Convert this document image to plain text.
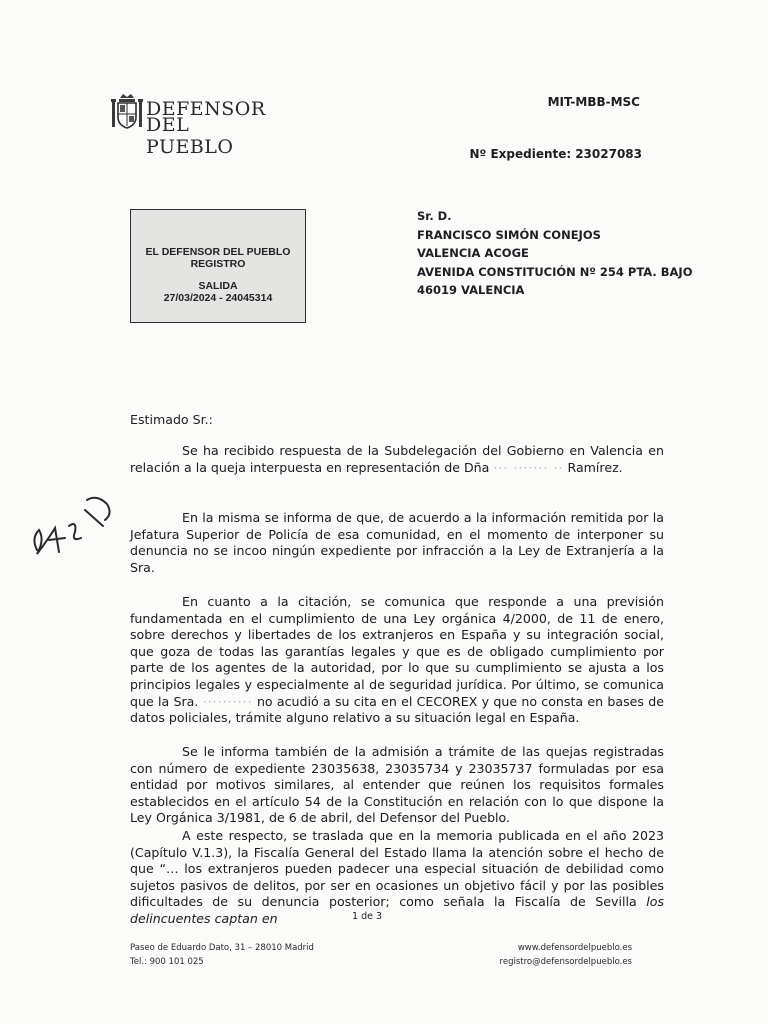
DEFENSOR
DEL PUEBLO
MIT-MBB-MSC
Nº Expediente: 23027083
EL DEFENSOR DEL PUEBLO
REGISTRO
SALIDA
27/03/2024 - 24045314
Sr. D.
FRANCISCO SIMÓN CONEJOS
VALENCIA ACOGE
AVENIDA CONSTITUCIÓN Nº 254 PTA. BAJO
46019 VALENCIA
Estimado Sr.:
Se ha recibido respuesta de la Subdelegación del Gobierno en Valencia en relación a la queja interpuesta en representación de Dña ·︎·︎· ·︎·︎·︎·︎·︎·︎· ·︎· Ramírez.
En la misma se informa de que, de acuerdo a la información remitida por la Jefatura Superior de Policía de esa comunidad, en el momento de interponer su denuncia no se incoo ningún expediente por infracción a la Ley de Extranjería a la Sra.
En cuanto a la citación, se comunica que responde a una previsión fundamentada en el cumplimiento de una Ley orgánica 4/2000, de 11 de enero, sobre derechos y libertades de los extranjeros en España y su integración social, que goza de todas las garantías legales y que es de obligado cumplimiento por parte de los agentes de la autoridad, por lo que su cumplimiento se ajusta a los principios legales y especialmente al de seguridad jurídica. Por último, se comunica que la Sra. ·︎·︎·︎·︎·︎·︎·︎·︎·︎· no acudió a su cita en el CECOREX y que no consta en bases de datos policiales, trámite alguno relativo a su situación legal en España.
Se le informa también de la admisión a trámite de las quejas registradas con número de expediente 23035638, 23035734 y 23035737 formuladas por esa entidad por motivos similares, al entender que reúnen los requisitos formales establecidos en el artículo 54 de la Constitución en relación con lo que dispone la Ley Orgánica 3/1981, de 6 de abril, del Defensor del Pueblo.
A este respecto, se traslada que en la memoria publicada en el año 2023 (Capítulo V.1.3), la Fiscalía General del Estado llama la atención sobre el hecho de que “… los extranjeros pueden padecer una especial situación de debilidad como sujetos pasivos de delitos, por ser en ocasiones un objetivo fácil y por las posibles dificultades de su denuncia posterior; como señala la Fiscalía de Sevilla los delincuentes captan en	1 de 3
Paseo de Eduardo Dato, 31 – 28010 Madrid
Tel.: 900 101 025
www.defensordelpueblo.es
registro@defensordelpueblo.es
